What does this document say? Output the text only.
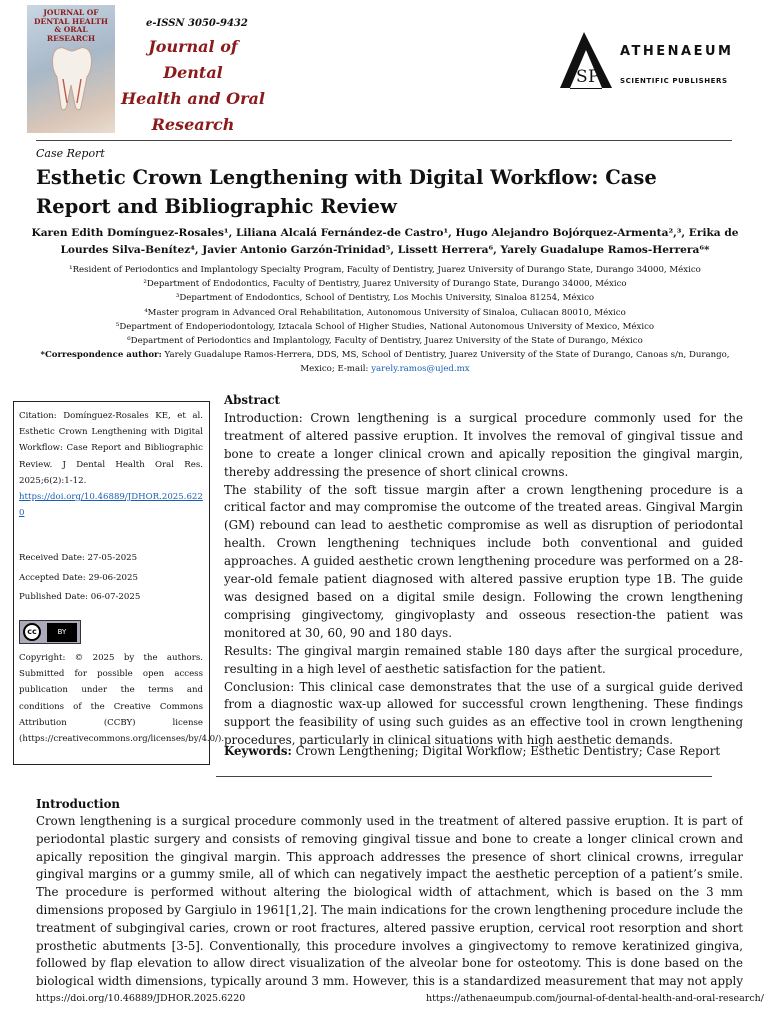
JOURNAL OF DENTAL HEALTH & ORAL RESEARCH
e-ISSN 3050-9432
Journal of Dental
Health and Oral
Research
S P
ATHENAEUM
SCIENTIFIC PUBLISHERS
Case Report
Esthetic Crown Lengthening with Digital Workflow: Case Report and Bibliographic Review
Karen Edith Domínguez-Rosales¹, Liliana Alcalá Fernández-de Castro¹, Hugo Alejandro Bojórquez-Armenta²,³, Erika de Lourdes Silva-Benítez⁴, Javier Antonio Garzón-Trinidad⁵, Lissett Herrera⁶, Yarely Guadalupe Ramos-Herrera⁶*
¹Resident of Periodontics and Implantology Specialty Program, Faculty of Dentistry, Juarez University of Durango State, Durango 34000, México
²Department of Endodontics, Faculty of Dentistry, Juarez University of Durango State, Durango 34000, México
³Department of Endodontics, School of Dentistry, Los Mochis University, Sinaloa 81254, México
⁴Master program in Advanced Oral Rehabilitation, Autonomous University of Sinaloa, Culiacan 80010, México
⁵Department of Endoperiodontology, Iztacala School of Higher Studies, National Autonomous University of Mexico, México
⁶Department of Periodontics and Implantology, Faculty of Dentistry, Juarez University of the State of Durango, México
*Correspondence author: Yarely Guadalupe Ramos-Herrera, DDS, MS, School of Dentistry, Juarez University of the State of Durango, Canoas s/n, Durango, Mexico; E-mail: yarely.ramos@ujed.mx
Citation: Domínguez-Rosales KE, et al. Esthetic Crown Lengthening with Digital Workflow: Case Report and Bibliographic Review. J Dental Health Oral Res. 2025;6(2):1-12.
https://doi.org/10.46889/JDHOR.2025.6220
Received Date: 27-05-2025
Accepted Date: 29-06-2025
Published Date: 06-07-2025
cc	BY
Copyright: © 2025 by the authors. Submitted for possible open access publication under the terms and conditions of the Creative Commons Attribution (CCBY) license (https://creativecommons.org/licenses/by/4.0/).
Abstract

Introduction: Crown lengthening is a surgical procedure commonly used for the treatment of altered passive eruption. It involves the removal of gingival tissue and bone to create a longer clinical crown and apically reposition the gingival margin, thereby addressing the presence of short clinical crowns.

The stability of the soft tissue margin after a crown lengthening procedure is a critical factor and may compromise the outcome of the treated areas. Gingival Margin (GM) rebound can lead to aesthetic compromise as well as disruption of periodontal health. Crown lengthening techniques include both conventional and guided approaches. A guided aesthetic crown lengthening procedure was performed on a 28-year-old female patient diagnosed with altered passive eruption type 1B. The guide was designed based on a digital smile design. Following the crown lengthening comprising gingivectomy, gingivoplasty and osseous resection-the patient was monitored at 30, 60, 90 and 180 days.

Results: The gingival margin remained stable 180 days after the surgical procedure, resulting in a high level of aesthetic satisfaction for the patient.

Conclusion: This clinical case demonstrates that the use of a surgical guide derived from a diagnostic wax-up allowed for successful crown lengthening. These findings support the feasibility of using such guides as an effective tool in crown lengthening procedures, particularly in clinical situations with high aesthetic demands.

Keywords: Crown Lengthening; Digital Workflow; Esthetic Dentistry; Case Report
Introduction
Crown lengthening is a surgical procedure commonly used in the treatment of altered passive eruption. It is part of periodontal plastic surgery and consists of removing gingival tissue and bone to create a longer clinical crown and apically reposition the gingival margin. This approach addresses the presence of short clinical crowns, irregular gingival margins or a gummy smile, all of which can negatively impact the aesthetic perception of a patient’s smile. The procedure is performed without altering the biological width of attachment, which is based on the 3 mm dimensions proposed by Gargiulo in 1961[1,2]. The main indications for the crown lengthening procedure include the treatment of subgingival caries, crown or root fractures, altered passive eruption, cervical root resorption and short prosthetic abutments [3-5]. Conventionally, this procedure involves a gingivectomy to remove keratinized gingiva, followed by flap elevation to allow direct visualization of the alveolar bone for osteotomy. This is done based on the biological width dimensions, typically around 3 mm. However, this is a standardized measurement that may not apply
https://doi.org/10.46889/JDHOR.2025.6220	https://athenaeumpub.com/journal-of-dental-health-and-oral-research/
